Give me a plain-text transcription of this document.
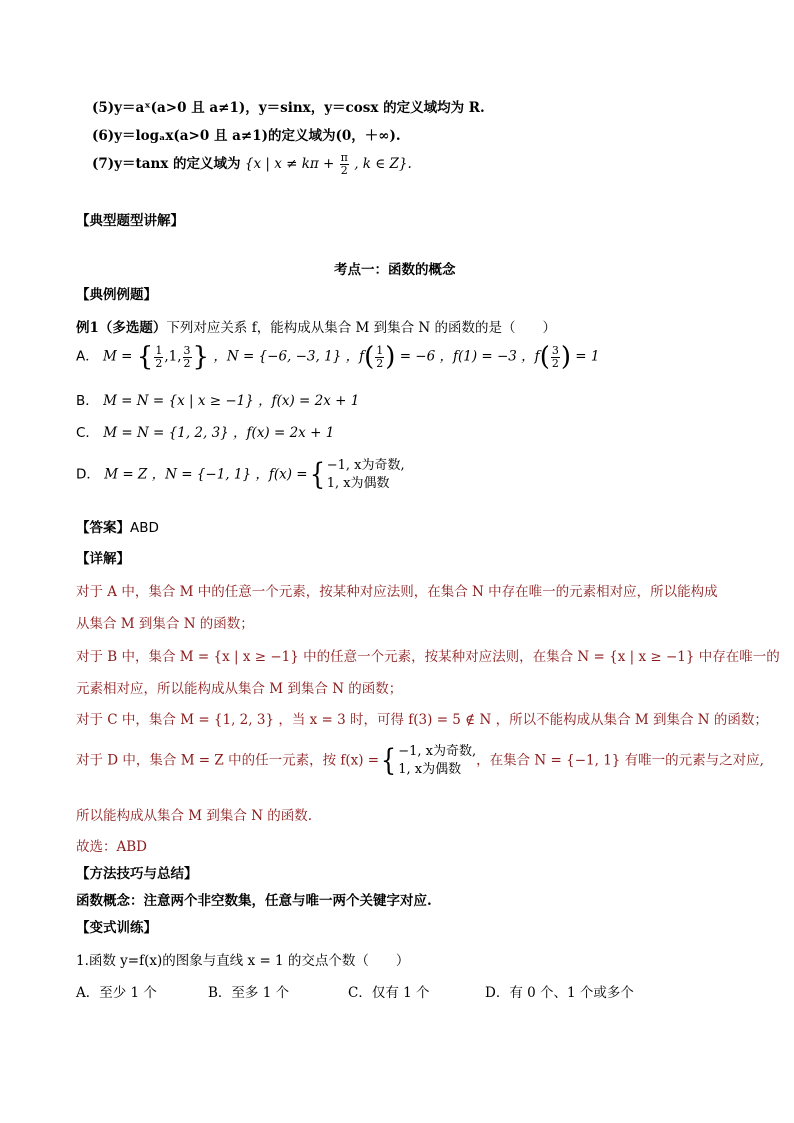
(5)y＝aˣ(a>0 且 a≠1)，y＝sinx，y＝cosx 的定义域均为 R.
(6)y＝logₐx(a>0 且 a≠1)的定义域为(0，＋∞).
(7)y＝tanx 的定义域为 {x | $x \ne k\pi + \frac{\pi}{2}$ , k ∈ Z}.
【典型题型讲解】
考点一：函数的概念
【典例例题】
例1（多选题）下列对应关系 f，能构成从集合 M 到集合 N 的函数的是（　　）
A． M = { $\frac{1}{2} ,1$, $\frac{3}{2}$ } ，N = {−6, −3, 1} ，$f( \frac{1}{2}$ ) = −6 ，f(1) = −3 ，$f( \frac{3}{2}$ ) = 1
B． M = N = {x | x ≥ −1} ，f(x) = 2x + 1
C． M = N = {1, 2, 3} ，f(x) = 2x + 1
D． M = Z ，N = {−1, 1} ，f(x) ={ −1, x为奇数,
1, x为偶数
【答案】ABD
【详解】
对于 A 中，集合 M 中的任意一个元素，按某种对应法则，在集合 N 中存在唯一的元素相对应，所以能构成
从集合 M 到集合 N 的函数；
对于 B 中，集合 M = {x | x ≥ −1} 中的任意一个元素，按某种对应法则，在集合 N = {x | x ≥ −1} 中存在唯一的
元素相对应，所以能构成从集合 M 到集合 N 的函数；
对于 C 中，集合 M = {1, 2, 3} ，当 x = 3 时，可得 f(3) = 5 ∉ N ，所以不能构成从集合 M 到集合 N 的函数；
对于 D 中，集合 M = Z 中的任一元素，按 f(x) ={ −1, x为奇数,
1, x为偶数
，在集合 N = {−1, 1} 有唯一的元素与之对应,
所以能构成从集合 M 到集合 N 的函数.
故选：ABD
【方法技巧与总结】
函数概念：注意两个非空数集，任意与唯一两个关键字对应.
【变式训练】
1.函数 y=f(x)的图象与直线 x = 1 的交点个数（　　）
A．至少 1 个	B．至多 1 个	C．仅有 1 个	D．有 0 个、1 个或多个
